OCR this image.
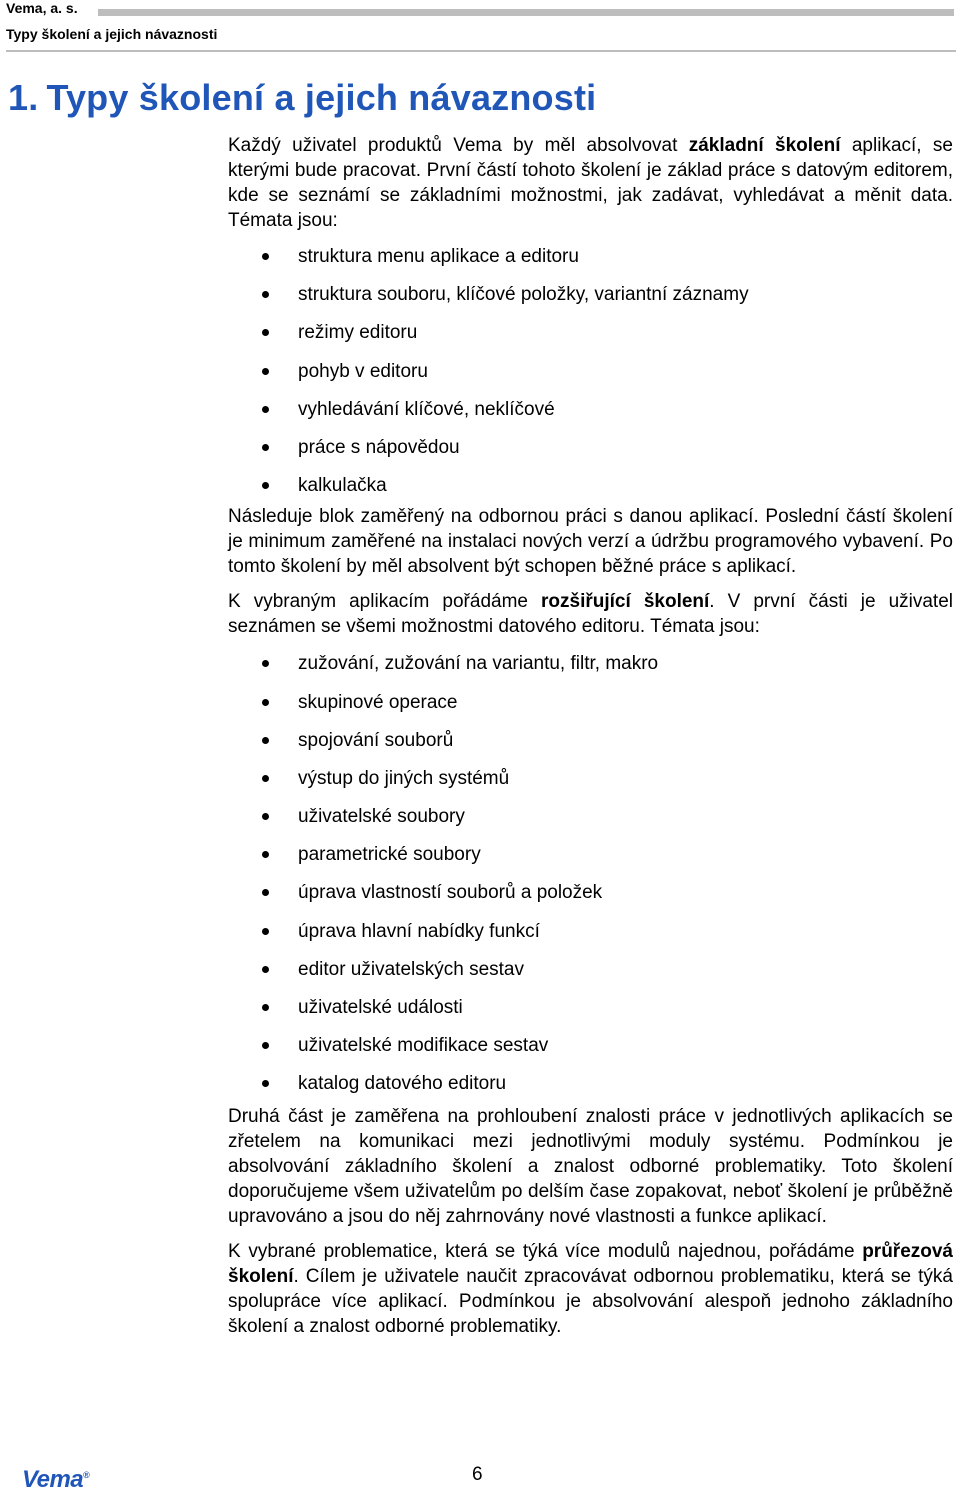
Vema, a. s.
Typy školení a jejich návaznosti
1. Typy školení a jejich návaznosti

Každý uživatel produktů Vema by měl absolvovat základní školení aplikací, se kterými bude pracovat. První částí tohoto školení je základ práce s datovým editorem, kde se seznámí se základními možnostmi, jak zadávat, vyhledávat a měnit data. Témata jsou:

struktura menu aplikace a editoru
struktura souboru, klíčové položky, variantní záznamy
režimy editoru
pohyb v editoru
vyhledávání klíčové, neklíčové
práce s nápovědou
kalkulačka

Následuje blok zaměřený na odbornou práci s danou aplikací. Poslední částí školení je minimum zaměřené na instalaci nových verzí a údržbu programového vybavení. Po tomto školení by měl absolvent být schopen běžné práce s aplikací.

K vybraným aplikacím pořádáme rozšiřující školení. V první části je uživatel seznámen se všemi možnostmi datového editoru. Témata jsou:

zužování, zužování na variantu, filtr, makro
skupinové operace
spojování souborů
výstup do jiných systémů
uživatelské soubory
parametrické soubory
úprava vlastností souborů a položek
úprava hlavní nabídky funkcí
editor uživatelských sestav
uživatelské události
uživatelské modifikace sestav
katalog datového editoru

Druhá část je zaměřena na prohloubení znalosti práce v jednotlivých aplikacích se zřetelem na komunikaci mezi jednotlivými moduly systému. Podmínkou je absolvování základního školení a znalost odborné problematiky. Toto školení doporučujeme všem uživatelům po delším čase zopakovat, neboť školení je průběžně upravováno a jsou do něj zahrnovány nové vlastnosti a funkce aplikací.

K vybrané problematice, která se týká více modulů najednou, pořádáme průřezová školení. Cílem je uživatele naučit zpracovávat odbornou problematiku, která se týká spolupráce více aplikací. Podmínkou je absolvování alespoň jednoho základního školení a znalost odborné problematiky.

Vema®	6
